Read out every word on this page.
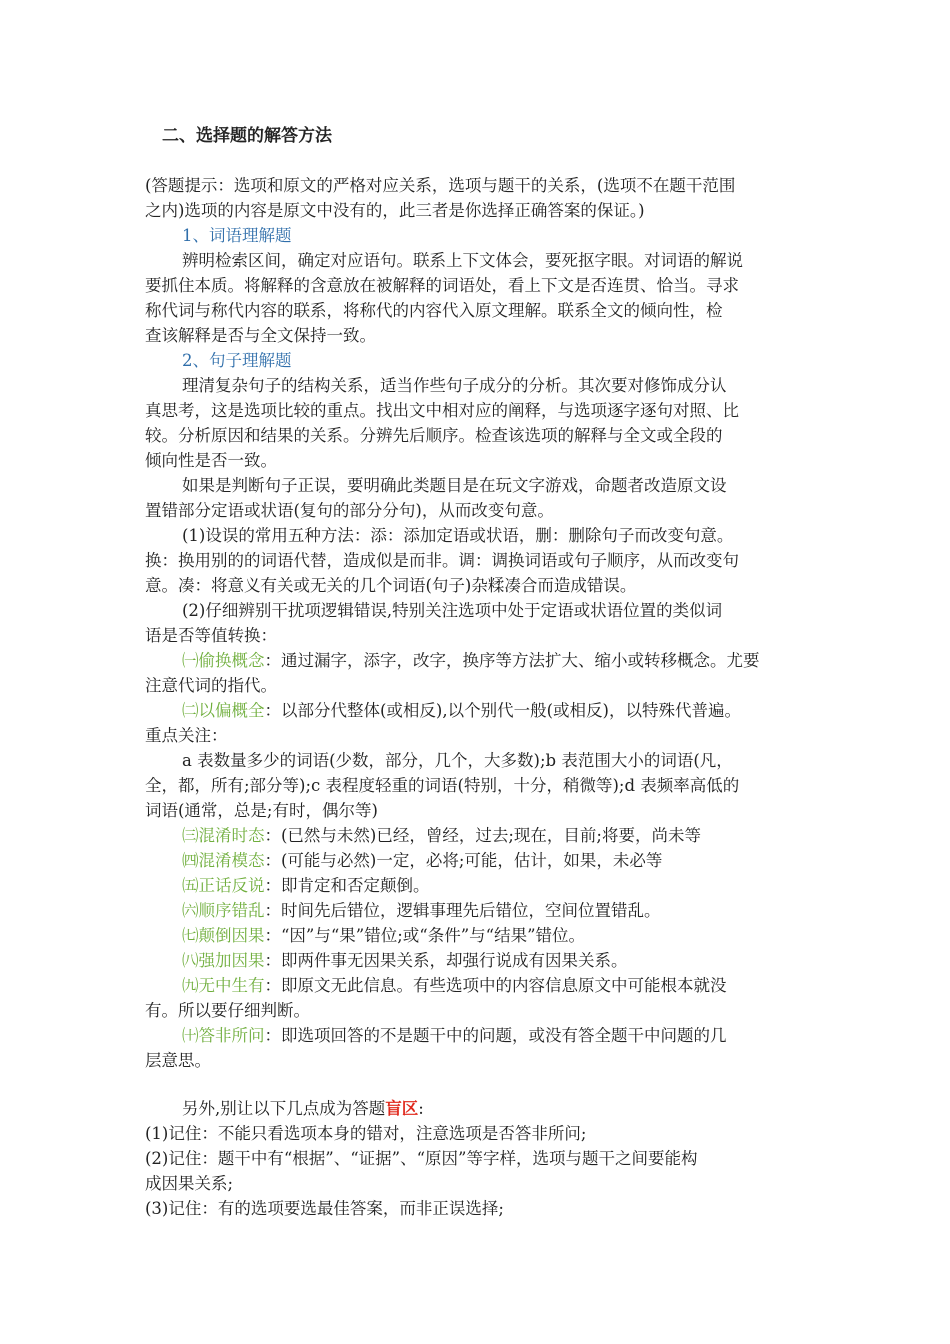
二、选择题的解答方法
(答题提示：选项和原文的严格对应关系，选项与题干的关系，(选项不在题干范围
之内)选项的内容是原文中没有的，此三者是你选择正确答案的保证。)
1、词语理解题
辨明检索区间，确定对应语句。联系上下文体会，要死抠字眼。对词语的解说
要抓住本质。将解释的含意放在被解释的词语处，看上下文是否连贯、恰当。寻求
称代词与称代内容的联系，将称代的内容代入原文理解。联系全文的倾向性，检
查该解释是否与全文保持一致。
2、句子理解题
理清复杂句子的结构关系，适当作些句子成分的分析。其次要对修饰成分认
真思考，这是选项比较的重点。找出文中相对应的阐释，与选项逐字逐句对照、比
较。分析原因和结果的关系。分辨先后顺序。检查该选项的解释与全文或全段的
倾向性是否一致。
如果是判断句子正误，要明确此类题目是在玩文字游戏，命题者改造原文设
置错部分定语或状语(复句的部分分句)，从而改变句意。
(1)设误的常用五种方法：添：添加定语或状语，删：删除句子而改变句意。
换：换用别的的词语代替，造成似是而非。调：调换词语或句子顺序，从而改变句
意。凑：将意义有关或无关的几个词语(句子)杂糅凑合而造成错误。
(2)仔细辨别干扰项逻辑错误,特别关注选项中处于定语或状语位置的类似词
语是否等值转换：
㈠偷换概念：通过漏字，添字，改字，换序等方法扩大、缩小或转移概念。尤要
注意代词的指代。
㈡以偏概全：以部分代整体(或相反),以个别代一般(或相反)，以特殊代普遍。
重点关注：
a 表数量多少的词语(少数，部分，几个，大多数);b 表范围大小的词语(凡，
全，都，所有;部分等);c 表程度轻重的词语(特别，十分，稍微等);d 表频率高低的
词语(通常，总是;有时，偶尔等)
㈢混淆时态：(已然与未然)已经，曾经，过去;现在，目前;将要，尚未等
㈣混淆模态：(可能与必然)一定，必将;可能，估计，如果，未必等
㈤正话反说：即肯定和否定颠倒。
㈥顺序错乱：时间先后错位，逻辑事理先后错位，空间位置错乱。
㈦颠倒因果：“因”与“果”错位;或“条件”与“结果”错位。
㈧强加因果：即两件事无因果关系，却强行说成有因果关系。
㈨无中生有：即原文无此信息。有些选项中的内容信息原文中可能根本就没
有。所以要仔细判断。
㈩答非所问：即选项回答的不是题干中的问题，或没有答全题干中问题的几
层意思。
另外,别让以下几点成为答题盲区:
(1)记住：不能只看选项本身的错对，注意选项是否答非所问;
(2)记住：题干中有“根据”、“证据”、“原因”等字样，选项与题干之间要能构
成因果关系;
(3)记住：有的选项要选最佳答案，而非正误选择;
